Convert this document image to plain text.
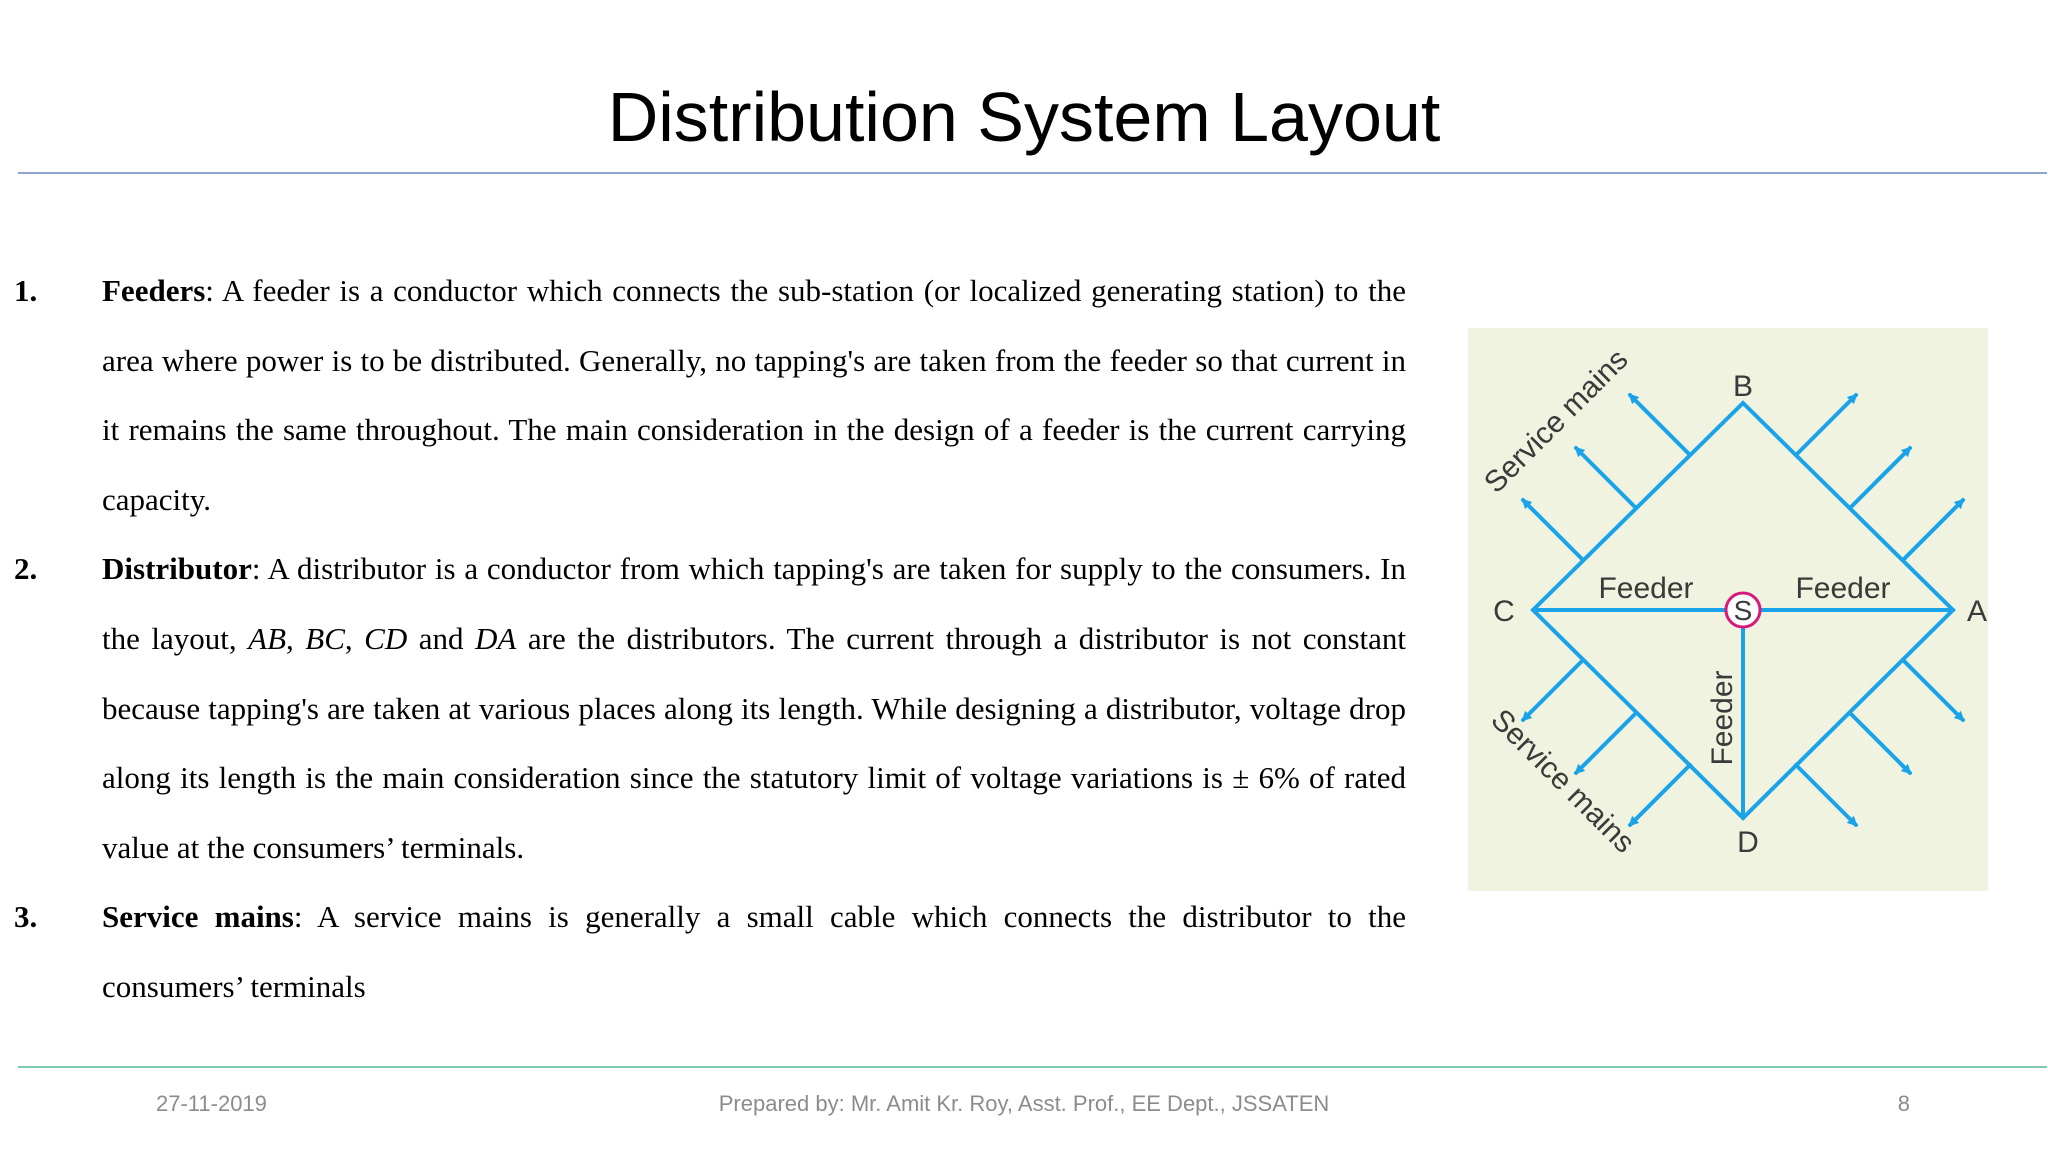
Distribution System Layout
1. Feeders: A feeder is a conductor which connects the sub-station (or localized generating station) to the area where power is to be distributed. Generally, no tapping's are taken from the feeder so that current in it remains the same throughout. The main consideration in the design of a feeder is the current carrying capacity.

2. Distributor: A distributor is a conductor from which tapping's are taken for supply to the consumers. In the layout, AB, BC, CD and DA are the distributors. The current through a distributor is not constant because tapping's are taken at various places along its length. While designing a distributor, voltage drop along its length is the main consideration since the statutory limit of voltage variations is ± 6% of rated value at the consumers’ terminals.

3. Service mains: A service mains is generally a small cable which connects the distributor to the consumers’ terminals

S
B
C	A
D
Feeder	Feeder
Feeder
Service mains
Service mains
27-11-2019	Prepared by: Mr. Amit Kr. Roy, Asst. Prof., EE Dept., JSSATEN	8
